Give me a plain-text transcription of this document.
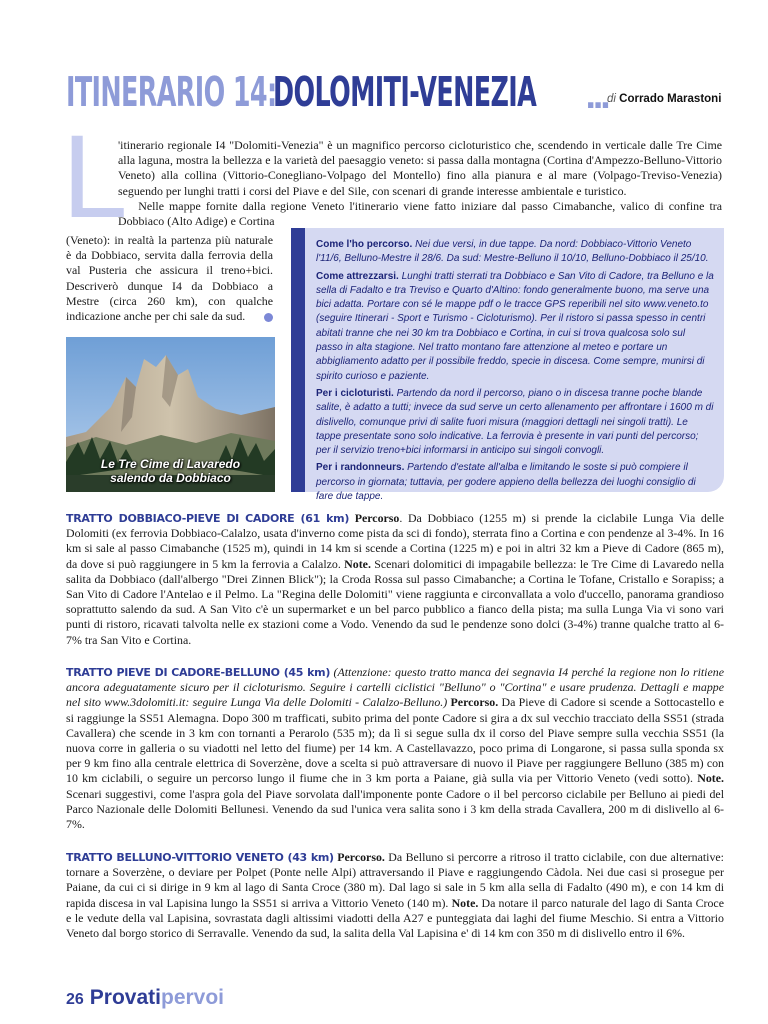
ITINERARIO 14:
DOLOMITI-VENEZIA ... di Corrado Marastoni
L
'itinerario regionale I4 "Dolomiti-Venezia" è un magnifico percorso cicloturistico che, scendendo in verticale dalle Tre Cime alla laguna, mostra la bellezza e la varietà del paesaggio veneto: si passa dalla montagna (Cortina d'Ampezzo-Belluno-Vittorio Veneto) alla collina (Vittorio-Conegliano-Volpago del Montello) fino alla pianura e al mare (Volpago-Treviso-Venezia) seguendo per lunghi tratti i corsi del Piave e del Sile, con scenari di grande interesse ambientale e turistico.
Nelle mappe fornite dalla regione Veneto l'itinerario viene fatto iniziare dal passo Cimabanche, valico di confine tra Dobbiaco (Alto Adige) e Cortina
(Veneto): in realtà la partenza più naturale è da Dobbiaco, servita dalla ferrovia della val Pusteria che assicura il treno+bici. Descriverò dunque I4 da Dobbiaco a Mestre (circa 260 km), con qualche indicazione anche per chi sale da sud.

Come l'ho percorso. Nei due versi, in due tappe. Da nord: Dobbiaco-Vittorio Veneto l'11/6, Belluno-Mestre il 28/6. Da sud: Mestre-Belluno il 10/10, Belluno-Dobbiaco il 25/10.

Come attrezzarsi. Lunghi tratti sterrati tra Dobbiaco e San Vito di Cadore, tra Belluno e la sella di Fadalto e tra Treviso e Quarto d'Altino: fondo generalmente buono, ma serve una bici adatta. Portare con sé le mappe pdf o le tracce GPS reperibili nel sito www.veneto.to (seguire Itinerari - Sport e Turismo - Cicloturismo). Per il ristoro si passa spesso in centri abitati tranne che nei 30 km tra Dobbiaco e Cortina, in cui si trova qualcosa solo sul passo in alta stagione. Nel tratto montano fare attenzione al meteo e portare un abbigliamento adatto per il possibile freddo, specie in discesa. Come sempre, munirsi di spirito curioso e paziente.

Per i cicloturisti. Partendo da nord il percorso, piano o in discesa tranne poche blande salite, è adatto a tutti; invece da sud serve un certo allenamento per affrontare i 1600 m di dislivello, comunque privi di salite fuori misura (maggiori dettagli nei singoli tratti). Le tappe presentate sono solo indicative. La ferrovia è presente in vari punti del percorso; per il servizio treno+bici informarsi in anticipo sui singoli convogli.

Per i randonneurs. Partendo d'estate all'alba e limitando le soste si può compiere il percorso in giornata; tuttavia, per godere appieno della bellezza dei luoghi consiglio di fare due tappe.

Le Tre Cime di Lavaredo
salendo da Dobbiaco

TRATTO DOBBIACO-PIEVE DI CADORE (61 km) Percorso. Da Dobbiaco (1255 m) si prende la ciclabile Lunga Via delle Dolomiti (ex ferrovia Dobbiaco-Calalzo, usata d'inverno come pista da sci di fondo), sterrata fino a Cortina e con pendenze al 3-4%. In 16 km si sale al passo Cimabanche (1525 m), quindi in 14 km si scende a Cortina (1225 m) e poi in altri 32 km a Pieve di Cadore (865 m), da dove si può raggiungere in 5 km la ferrovia a Calalzo. Note. Scenari dolomitici di impagabile bellezza: le Tre Cime di Lavaredo nella salita da Dobbiaco (dall'albergo "Drei Zinnen Blick"); la Croda Rossa sul passo Cimabanche; a Cortina le Tofane, Cristallo e Sorapiss; a San Vito di Cadore l'Antelao e il Pelmo. La "Regina delle Dolomiti" viene raggiunta e circonvallata a volo d'uccello, panorama grandioso soprattutto salendo da sud. A San Vito c'è un supermarket e un bel parco pubblico a fianco della pista; ma sulla Lunga Via vi sono vari punti di ristoro, ricavati talvolta nelle ex stazioni come a Vodo. Venendo da sud le pendenze sono dolci (3-4%) tranne qualche tratto al 6-7% tra San Vito e Cortina.

TRATTO PIEVE DI CADORE-BELLUNO (45 km) (Attenzione: questo tratto manca dei segnavia I4 perché la regione non lo ritiene ancora adeguatamente sicuro per il cicloturismo. Seguire i cartelli ciclistici "Belluno" o "Cortina" e usare prudenza. Dettagli e mappe nel sito www.3dolomiti.it: seguire Lunga Via delle Dolomiti - Calalzo-Belluno.) Percorso. Da Pieve di Cadore si scende a Sottocastello e si raggiunge la SS51 Alemagna. Dopo 300 m trafficati, subito prima del ponte Cadore si gira a dx sul vecchio tracciato della SS51 (strada Cavallera) che scende in 3 km con tornanti a Perarolo (535 m); da lì si segue sulla dx il corso del Piave sempre sulla vecchia SS51 (la nuova corre in galleria o su viadotti nel letto del fiume) per 14 km. A Castellavazzo, poco prima di Longarone, si passa sulla sponda sx per 9 km fino alla centrale elettrica di Soverzène, dove a scelta si può attraversare di nuovo il Piave per raggiungere Belluno (385 m) con 10 km ciclabili, o seguire un percorso lungo il fiume che in 3 km porta a Paiane, già sulla via per Vittorio Veneto (vedi sotto). Note. Scenari suggestivi, come l'aspra gola del Piave sorvolata dall'imponente ponte Cadore o il bel percorso ciclabile per Belluno ai piedi del Parco Nazionale delle Dolomiti Bellunesi. Venendo da sud l'unica vera salita sono i 3 km della strada Cavallera, 200 m di dislivello al 6-7%.

TRATTO BELLUNO-VITTORIO VENETO (43 km) Percorso. Da Belluno si percorre a ritroso il tratto ciclabile, con due alternative: tornare a Soverzène, o deviare per Polpet (Ponte nelle Alpi) attraversando il Piave e raggiungendo Càdola. Nei due casi si prosegue per Paiane, da cui ci si dirige in 9 km al lago di Santa Croce (380 m). Dal lago si sale in 5 km alla sella di Fadalto (490 m), e con 14 km di rapida discesa in val Lapisina lungo la SS51 si arriva a Vittorio Veneto (140 m). Note. Da notare il parco naturale del lago di Santa Croce e le vedute della val Lapisina, sovrastata dagli altissimi viadotti della A27 e punteggiata dai laghi del fiume Meschio. Si entra a Vittorio Veneto dal borgo storico di Serravalle. Venendo da sud, la salita della Val Lapisina e' di 14 km con 350 m di dislivello entro il 6%.

26 Provatipervoi
